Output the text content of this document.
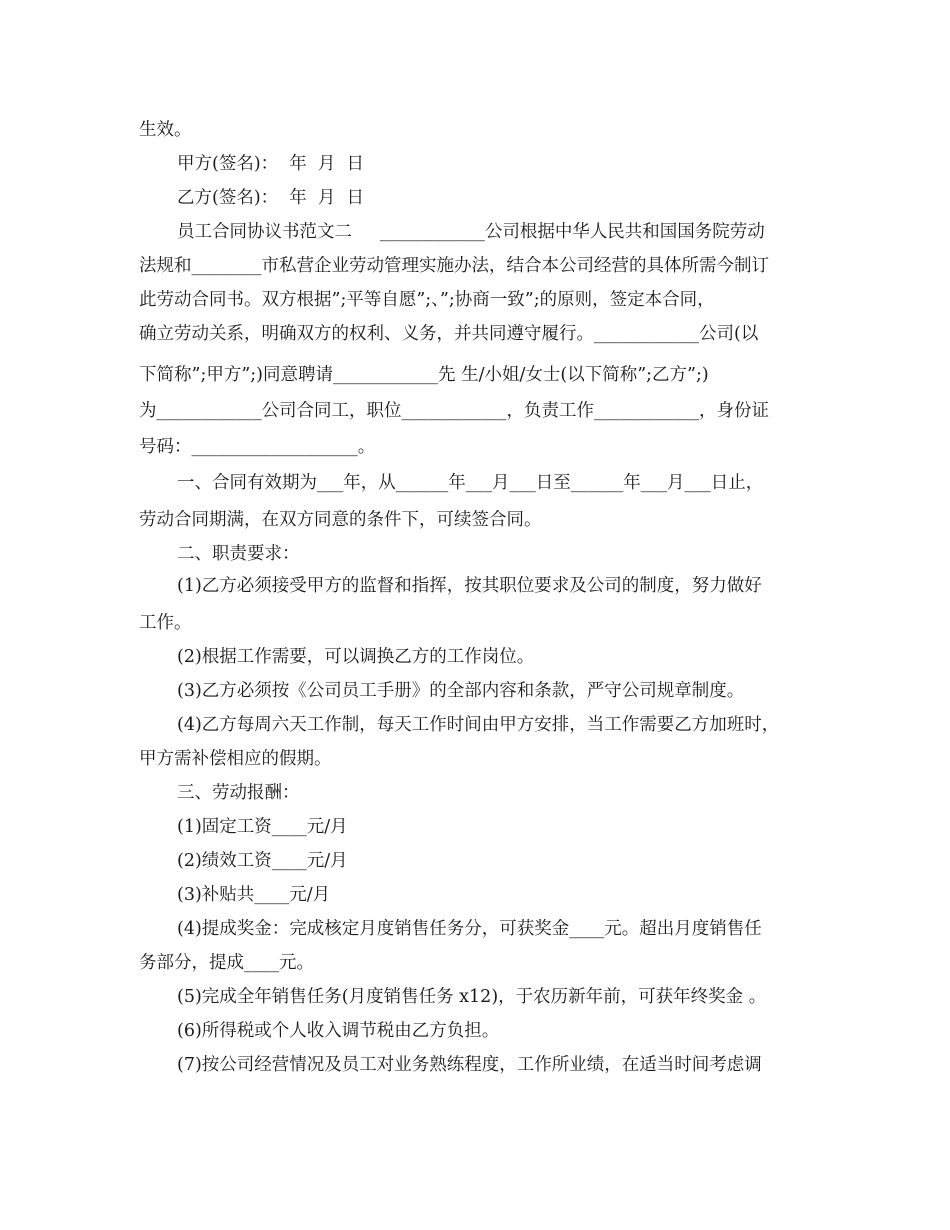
生效。
甲方(签名)：  年  月  日
乙方(签名)：  年  月  日
员工合同协议书范文二     ____________公司根据中华人民共和国国务院劳动
法规和________市私营企业劳动管理实施办法，结合本公司经营的具体所需今制订
此劳动合同书。双方根据”;平等自愿”;、”;协商一致”;的原则，签定本合同，
确立劳动关系，明确双方的权利、义务，并共同遵守履行。____________公司(以
下简称”;甲方”;)同意聘请____________先 生/小姐/女士(以下简称”;乙方”;)
为____________公司合同工，职位____________，负责工作____________，身份证
号码：___________________。
一、合同有效期为___年，从______年___月___日至______年___月___日止，
劳动合同期满，在双方同意的条件下，可续签合同。
二、职责要求：
(1)乙方必须接受甲方的监督和指挥，按其职位要求及公司的制度，努力做好
工作。
(2)根据工作需要，可以调换乙方的工作岗位。
(3)乙方必须按《公司员工手册》的全部内容和条款，严守公司规章制度。
(4)乙方每周六天工作制，每天工作时间由甲方安排，当工作需要乙方加班时，
甲方需补偿相应的假期。
三、劳动报酬：
(1)固定工资____元/月
(2)绩效工资____元/月
(3)补贴共____元/月
(4)提成奖金：完成核定月度销售任务分，可获奖金____元。超出月度销售任
务部分，提成____元。
(5)完成全年销售任务(月度销售任务 x12)，于农历新年前，可获年终奖金 。
(6)所得税或个人收入调节税由乙方负担。
(7)按公司经营情况及员工对业务熟练程度，工作所业绩，在适当时间考虑调
